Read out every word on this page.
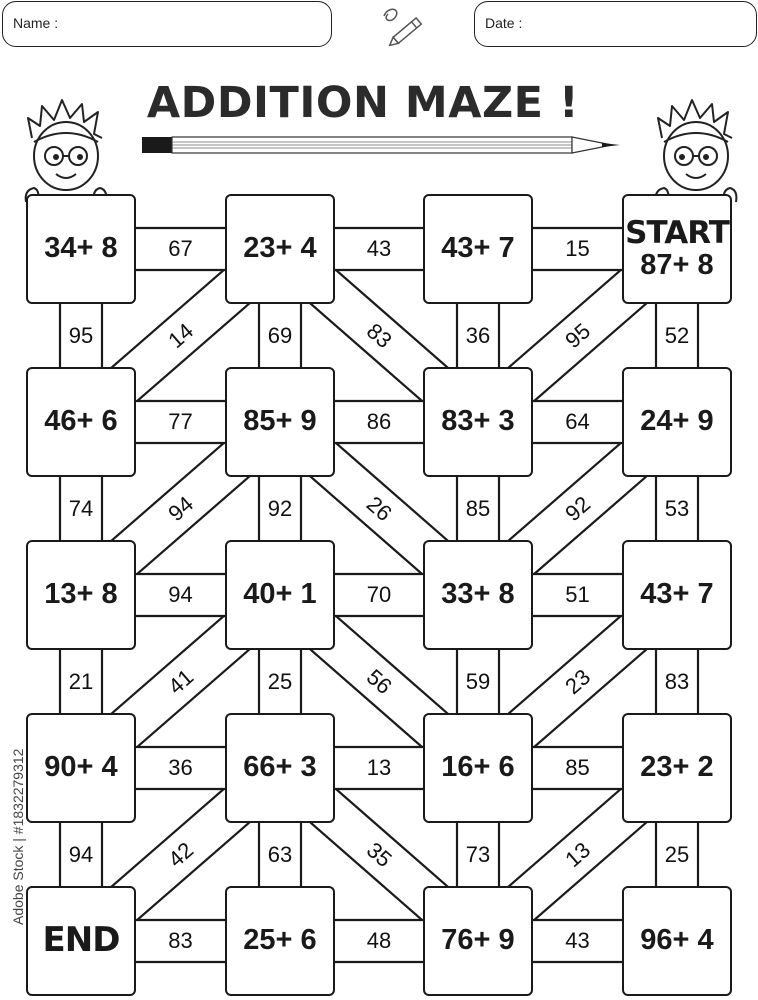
Name :	Date :
ADDITION MAZE !
14	83	95
94	26	92
41	56	23
42	35	13
67	43	15
77	86	64
94	70	51
36	13	85
83	48	43
95	69	36	52
74	92	85	53
21	25	59	83
94	63	73	25
34+ 8	23+ 4	43+ 7	START
87+ 8
46+ 6	85+ 9	83+ 3	24+ 9
13+ 8	40+ 1	33+ 8	43+ 7
90+ 4	66+ 3	16+ 6	23+ 2
END	25+ 6	76+ 9	96+ 4
Adobe Stock | #1832279312
